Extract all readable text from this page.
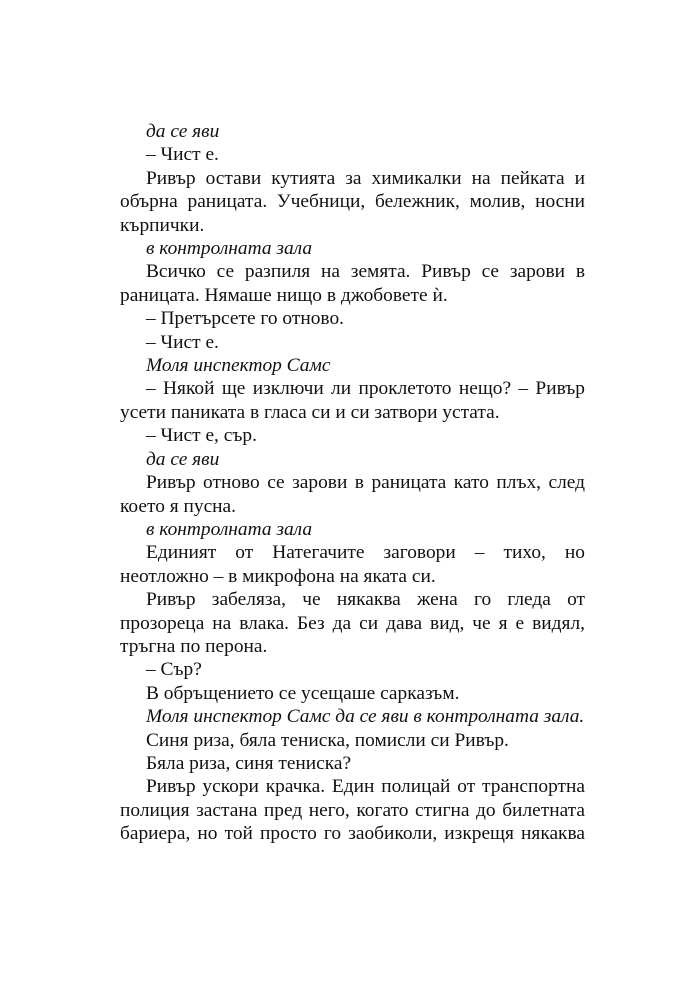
да се яви

– Чист е.

Ривър остави кутията за химикалки на пейката и обърна раницата. Учебници, бележник, молив, носни кърпички.

в контролната зала

Всичко се разпиля на земята. Ривър се зарови в раницата. Нямаше нищо в джобовете ѝ.

– Претърсете го отново.

– Чист е.

Моля инспектор Самс

– Някой ще изключи ли проклетото нещо? – Ривър усети паниката в гласа си и си затвори устата.

– Чист е, сър.

да се яви

Ривър отново се зарови в раницата като плъх, след което я пусна.

в контролната зала

Единият от Натегачите заговори – тихо, но неотложно – в микрофона на яката си.

Ривър забеляза, че някаква жена го гледа от прозореца на влака. Без да си дава вид, че я е видял, тръгна по перона.

– Сър?

В обръщението се усещаше сарказъм.

Моля инспектор Самс да се яви в контролната зала.

Синя риза, бяла тениска, помисли си Ривър.

Бяла риза, синя тениска?

Ривър ускори крачка. Един полицай от транспортна полиция застана пред него, когато стигна до билетната бариера, но той просто го заобиколи, изкрещя някаква
